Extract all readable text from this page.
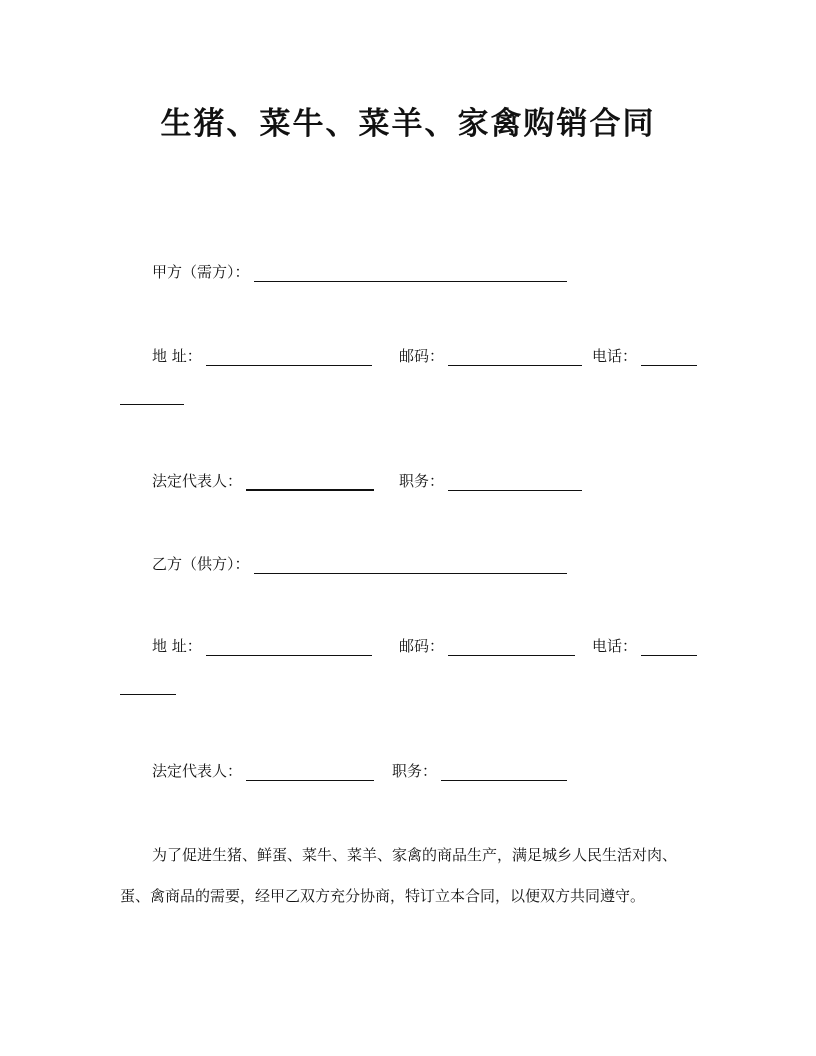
生猪、菜牛、菜羊、家禽购销合同
甲方（需方）：
地 址：	邮码：	电话：
法定代表人：	职务：
乙方（供方）：
地 址：	邮码：	电话：
法定代表人：	职务：
为了促进生猪、鲜蛋、菜牛、菜羊、家禽的商品生产，满足城乡人民生活对肉、
蛋、禽商品的需要，经甲乙双方充分协商，特订立本合同，以便双方共同遵守。
